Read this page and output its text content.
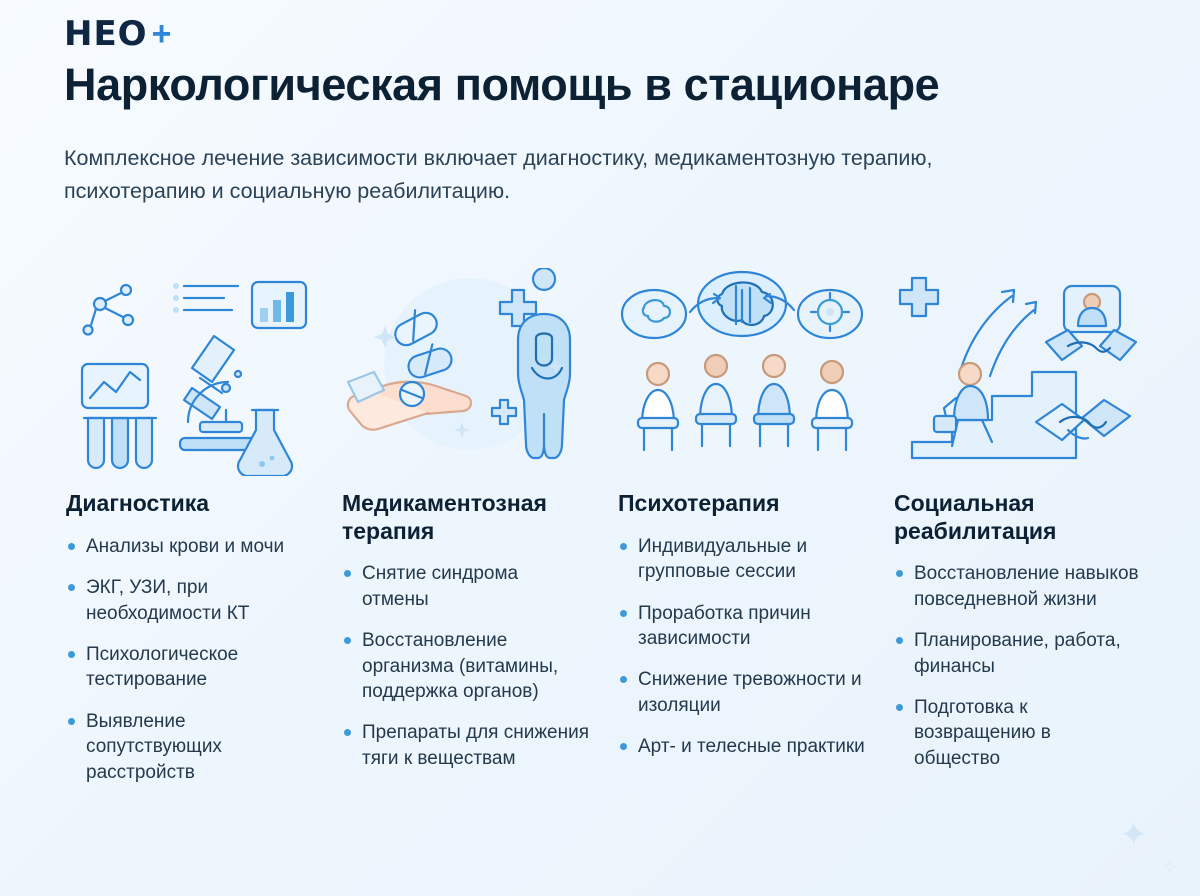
HEO +
Наркологическая помощь в стационаре

Комплексное лечение зависимости включает диагностику, медикаментозную терапию, психотерапию и социальную реабилитацию.

Диагностика
Анализы крови и мочи
ЭКГ, УЗИ, при необходимости КТ
Психологическое тестирование
Выявление сопутствующих расстройств
Медикаментозная терапия
Снятие синдрома отмены
Восстановление организма (витамины, поддержка органов)
Препараты для снижения тяги к веществам
Психотерапия
Индивидуальные и групповые сессии
Проработка причин зависимости
Снижение тревожности и изоляции
Арт- и телесные практики
Социальная реабилитация
Восстановление навыков повседневной жизни
Планирование, работа, финансы
Подготовка к возвращению в общество
✦
✧
